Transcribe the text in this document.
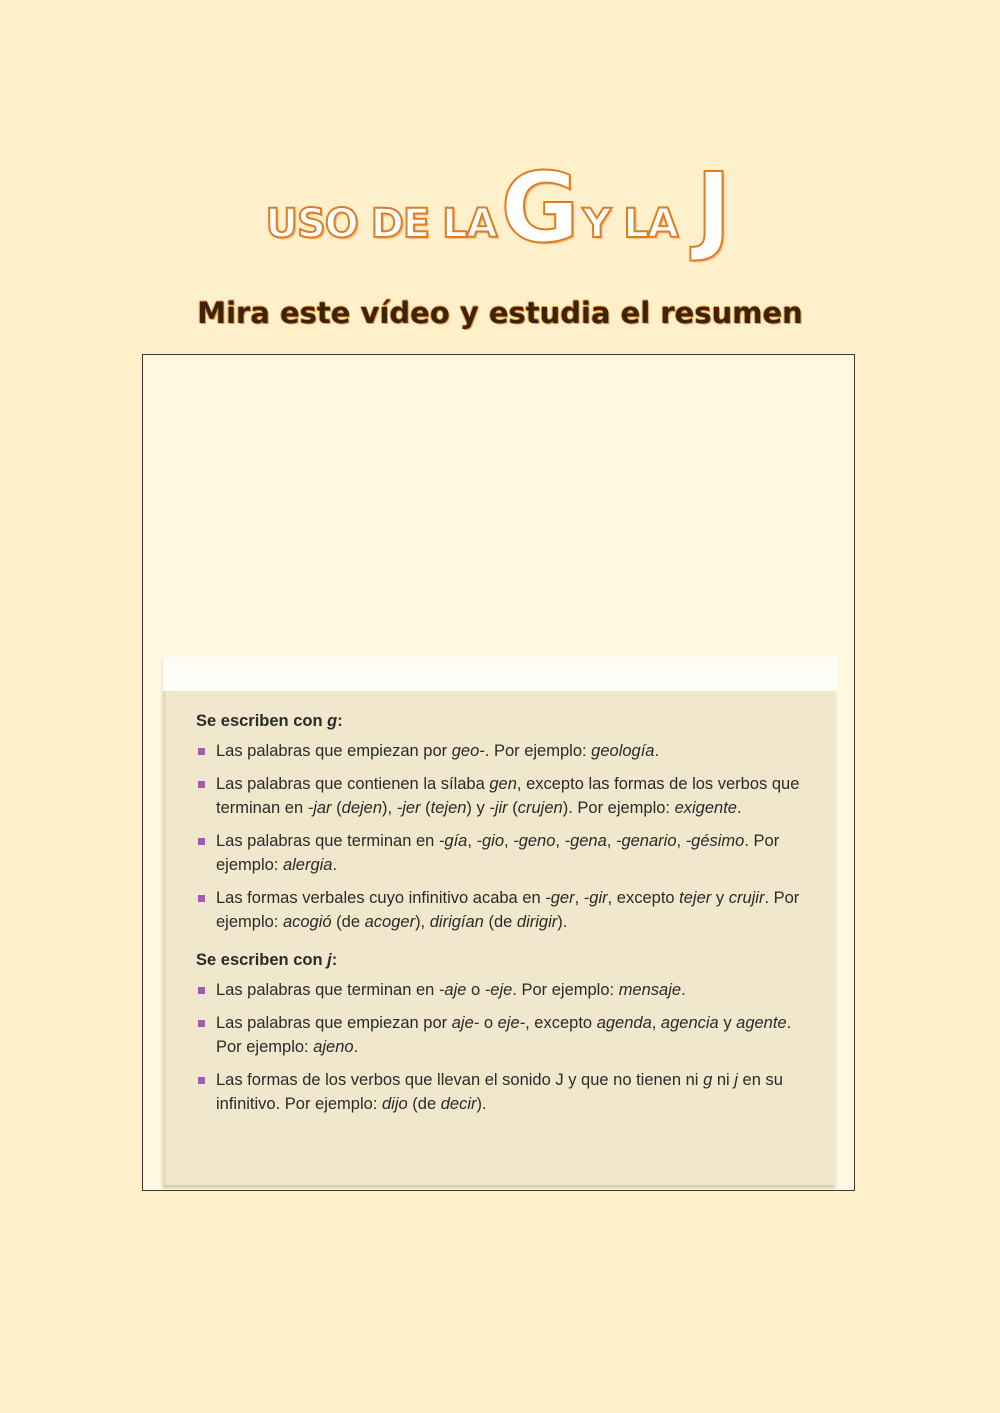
USO DE LA G Y LA J
Mira este vídeo y estudia el resumen

Se escriben con g:

Las palabras que empiezan por geo-. Por ejemplo: geología.
Las palabras que contienen la sílaba gen, excepto las formas de los verbos que terminan en -jar (dejen), -jer (tejen) y -jir (crujen). Por ejemplo: exigente.
Las palabras que terminan en -gía, -gio, -geno, -gena, -genario, -gésimo. Por ejemplo: alergia.
Las formas verbales cuyo infinitivo acaba en -ger, -gir, excepto tejer y crujir. Por ejemplo: acogió (de acoger), dirigían (de dirigir).

Se escriben con j:

Las palabras que terminan en -aje o -eje. Por ejemplo: mensaje.
Las palabras que empiezan por aje- o eje-, excepto agenda, agencia y agente. Por ejemplo: ajeno.
Las formas de los verbos que llevan el sonido J y que no tienen ni g ni j en su infinitivo. Por ejemplo: dijo (de decir).
